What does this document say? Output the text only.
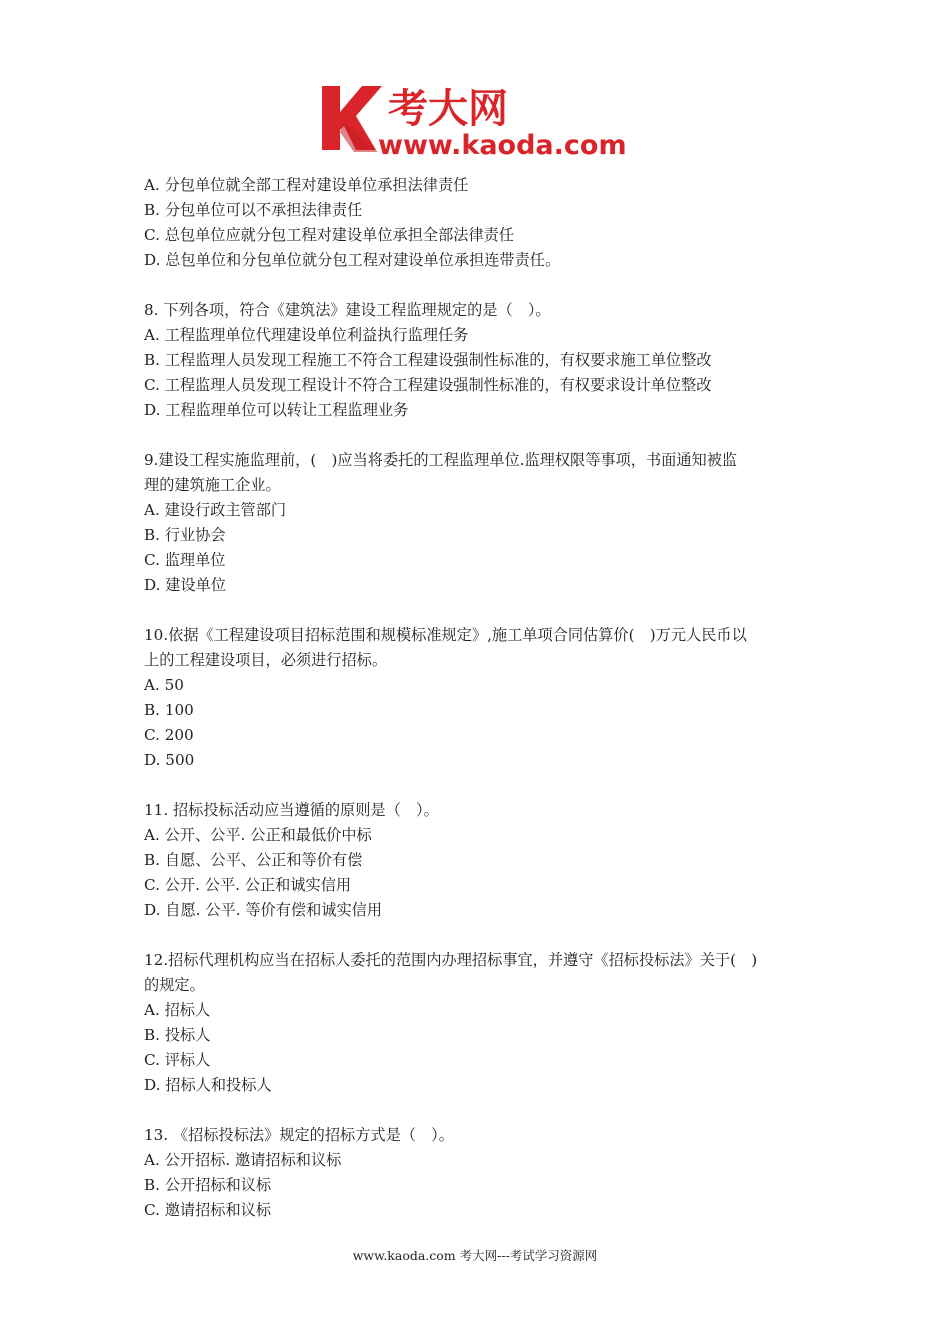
考大网
www.kaoda.com

A. 分包单位就全部工程对建设单位承担法律责任

B. 分包单位可以不承担法律责任

C. 总包单位应就分包工程对建设单位承担全部法律责任

D. 总包单位和分包单位就分包工程对建设单位承担连带责任。

8. 下列各项，符合《建筑法》建设工程监理规定的是（　）。

A. 工程监理单位代理建设单位利益执行监理任务

B. 工程监理人员发现工程施工不符合工程建设强制性标准的，有权要求施工单位整改

C. 工程监理人员发现工程设计不符合工程建设强制性标准的，有权要求设计单位整改

D. 工程监理单位可以转让工程监理业务

9.建设工程实施监理前，(　)应当将委托的工程监理单位.监理权限等事项，书面通知被监

理的建筑施工企业。

A. 建设行政主管部门

B. 行业协会

C. 监理单位

D. 建设单位

10.依据《工程建设项目招标范围和规模标准规定》,施工单项合同估算价(　)万元人民币以

上的工程建设项目，必须进行招标。

A. 50

B. 100

C. 200

D. 500

11. 招标投标活动应当遵循的原则是（　）。

A. 公开、公平. 公正和最低价中标

B. 自愿、公平、公正和等价有偿

C. 公开. 公平. 公正和诚实信用

D. 自愿. 公平. 等价有偿和诚实信用

12.招标代理机构应当在招标人委托的范围内办理招标事宜，并遵守《招标投标法》关于(　)

的规定。

A. 招标人

B. 投标人

C. 评标人

D. 招标人和投标人

13. 《招标投标法》规定的招标方式是（　）。

A. 公开招标. 邀请招标和议标

B. 公开招标和议标

C. 邀请招标和议标

www.kaoda.com 考大网---考试学习资源网
